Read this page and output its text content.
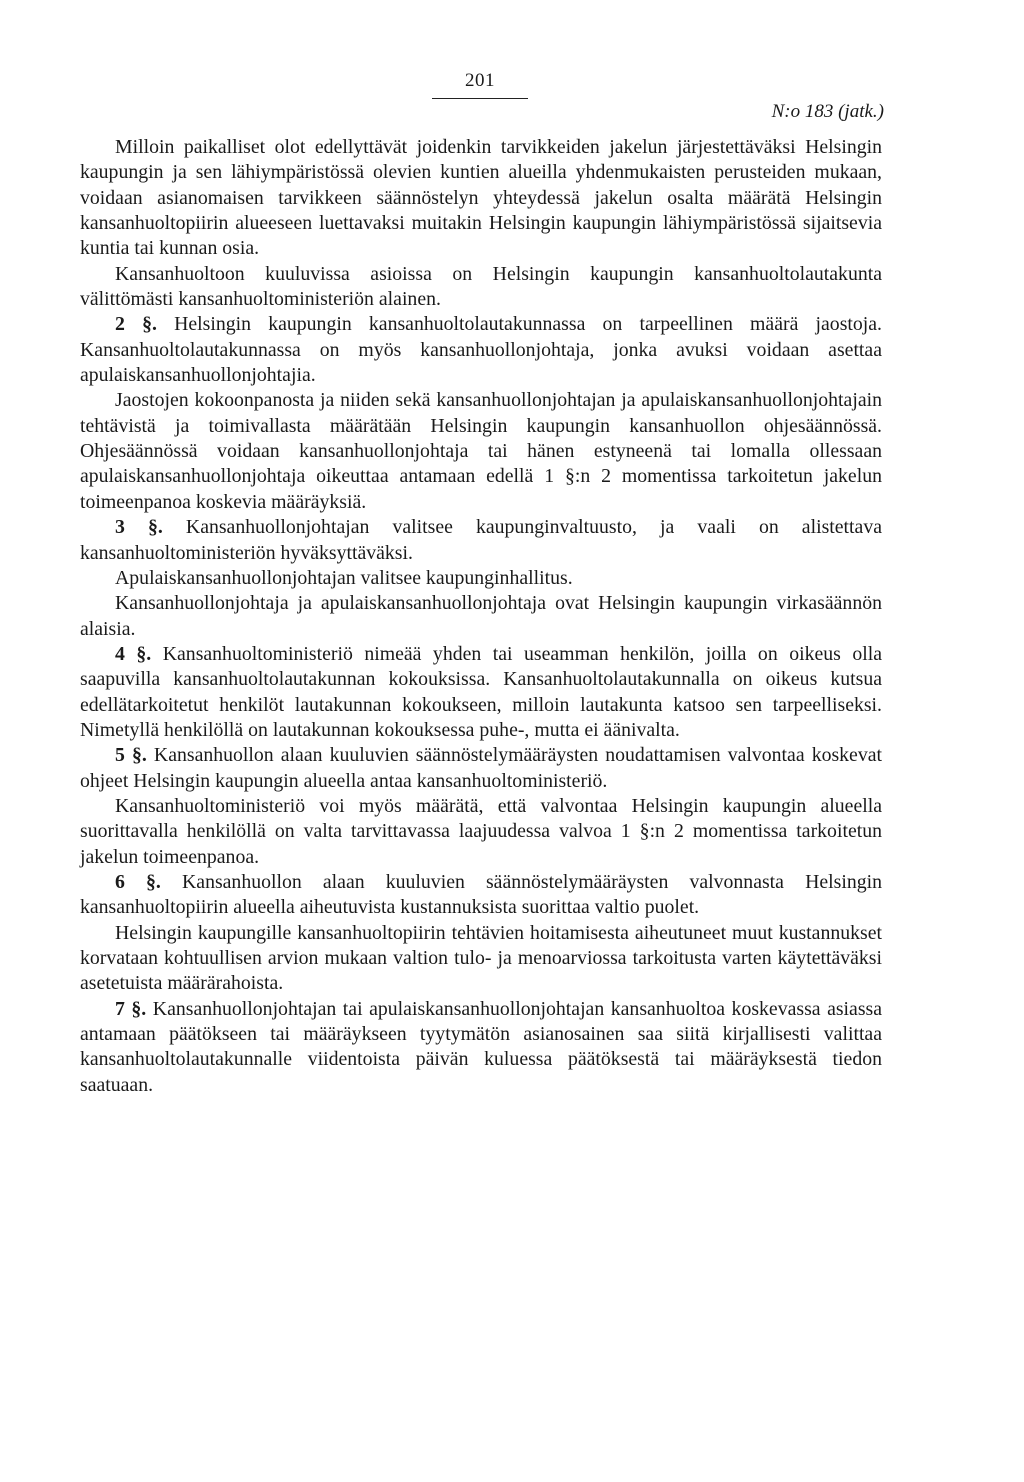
201
N:o 183 (jatk.)

Milloin paikalliset olot edellyttävät joidenkin tarvikkeiden jakelun järjestettäväksi Helsingin kaupungin ja sen lähiympäristössä olevien kuntien alueilla yhdenmukaisten perusteiden mukaan, voidaan asianomaisen tarvikkeen säännöstelyn yhteydessä jakelun osalta määrätä Helsingin kansanhuoltopiirin alueeseen luettavaksi muitakin Helsingin kaupungin lähiympäristössä sijaitsevia kuntia tai kunnan osia.

Kansanhuoltoon kuuluvissa asioissa on Helsingin kaupungin kansanhuoltolautakunta välittömästi kansanhuoltoministeriön alainen.

2 §. Helsingin kaupungin kansanhuoltolautakunnassa on tarpeellinen määrä jaostoja. Kansanhuoltolautakunnassa on myös kansanhuollonjohtaja, jonka avuksi voidaan asettaa apulaiskansanhuollonjohtajia.

Jaostojen kokoonpanosta ja niiden sekä kansanhuollonjohtajan ja apulaiskansanhuollonjohtajain tehtävistä ja toimivallasta määrätään Helsingin kaupungin kansanhuollon ohjesäännössä. Ohjesäännössä voidaan kansanhuollonjohtaja tai hänen estyneenä tai lomalla ollessaan apulaiskansanhuollonjohtaja oikeuttaa antamaan edellä 1 §:n 2 momentissa tarkoitetun jakelun toimeenpanoa koskevia määräyksiä.

3 §. Kansanhuollonjohtajan valitsee kaupunginvaltuusto, ja vaali on alistettava kansanhuoltoministeriön hyväksyttäväksi.

Apulaiskansanhuollonjohtajan valitsee kaupunginhallitus.

Kansanhuollonjohtaja ja apulaiskansanhuollonjohtaja ovat Helsingin kaupungin virkasäännön alaisia.

4 §. Kansanhuoltoministeriö nimeää yhden tai useamman henkilön, joilla on oikeus olla saapuvilla kansanhuoltolautakunnan kokouksissa. Kansanhuoltolautakunnalla on oikeus kutsua edellätarkoitetut henkilöt lautakunnan kokoukseen, milloin lautakunta katsoo sen tarpeelliseksi. Nimetyllä henkilöllä on lautakunnan kokouksessa puhe-, mutta ei äänivalta.

5 §. Kansanhuollon alaan kuuluvien säännöstelymääräysten noudattamisen valvontaa koskevat ohjeet Helsingin kaupungin alueella antaa kansanhuoltoministeriö.

Kansanhuoltoministeriö voi myös määrätä, että valvontaa Helsingin kaupungin alueella suorittavalla henkilöllä on valta tarvittavassa laajuudessa valvoa 1 §:n 2 momentissa tarkoitetun jakelun toimeenpanoa.

6 §. Kansanhuollon alaan kuuluvien säännöstelymääräysten valvonnasta Helsingin kansanhuoltopiirin alueella aiheutuvista kustannuksista suorittaa valtio puolet.

Helsingin kaupungille kansanhuoltopiirin tehtävien hoitamisesta aiheutuneet muut kustannukset korvataan kohtuullisen arvion mukaan valtion tulo- ja menoarviossa tarkoitusta varten käytettäväksi asetetuista määrärahoista.

7 §. Kansanhuollonjohtajan tai apulaiskansanhuollonjohtajan kansanhuoltoa koskevassa asiassa antamaan päätökseen tai määräykseen tyytymätön asianosainen saa siitä kirjallisesti valittaa kansanhuoltolautakunnalle viidentoista päivän kuluessa päätöksestä tai määräyksestä tiedon saatuaan.
